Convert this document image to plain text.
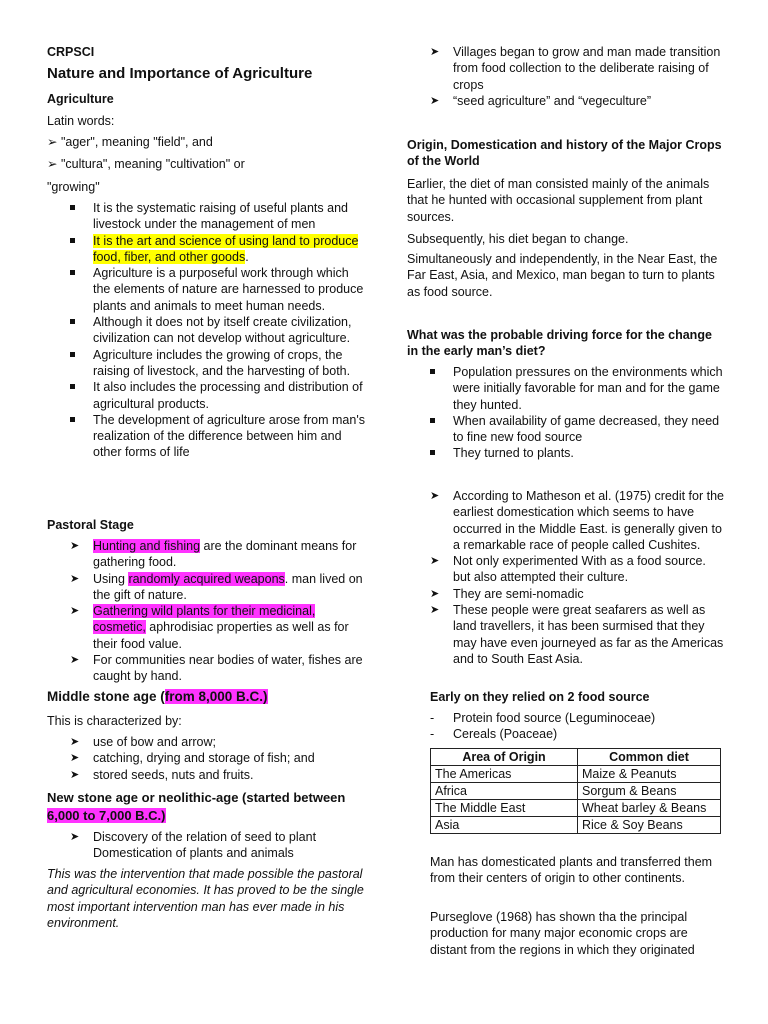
CRPSCI
Nature and Importance of Agriculture
Agriculture
Latin words:
➢ "ager", meaning "field", and
➢ "cultura", meaning "cultivation" or
"growing"
It is the systematic raising of useful plants and livestock under the management of men
It is the art and science of using land to produce food, fiber, and other goods.
Agriculture is a purposeful work through which the elements of nature are harnessed to produce plants and animals to meet human needs.
Although it does not by itself create civilization, civilization can not develop without agriculture.
Agriculture includes the growing of crops, the raising of livestock, and the harvesting of both.
It also includes the processing and distribution of agricultural products.
The development of agriculture arose from man's realization of the difference between him and other forms of life
Pastoral Stage
➤ Hunting and fishing are the dominant means for gathering food.
➤ Using randomly acquired weapons. man lived on the gift of nature.
➤ Gathering wild plants for their medicinal, cosmetic, aphrodisiac properties as well as for their food value.
➤ For communities near bodies of water, fishes are caught by hand.
Middle stone age (from 8,000 B.C.)
This is characterized by:
➤ use of bow and arrow;
➤ catching, drying and storage of fish; and
➤ stored seeds, nuts and fruits.
New stone age or neolithic-age (started between
6,000 to 7,000 B.C.)
➤ Discovery of the relation of seed to plant Domestication of plants and animals
This was the intervention that made possible the pastoral and agricultural economies. It has proved to be the single most important intervention man has ever made in his environment.
➤ Villages began to grow and man made transition from food collection to the deliberate raising of crops
➤ “seed agriculture” and “vegeculture”
Origin, Domestication and history of the Major Crops of the World
Earlier, the diet of man consisted mainly of the animals that he hunted with occasional supplement from plant sources.
Subsequently, his diet began to change.
Simultaneously and independently, in the Near East, the Far East, Asia, and Mexico, man began to turn to plants as food source.
What was the probable driving force for the change in the early man’s diet?
Population pressures on the environments which were initially favorable for man and for the game they hunted.
When availability of game decreased, they need to fine new food source
They turned to plants.
➤ According to Matheson et al. (1975) credit for the earliest domestication which seems to have occurred in the Middle East. is generally given to a remarkable race of people called Cushites.
➤ Not only experimented With as a food source. but also attempted their culture.
➤ They are semi-nomadic
➤ These people were great seafarers as well as land travellers, it has been surmised that they may have even journeyed as far as the Americas and to South East Asia.
Early on they relied on 2 food source
- Protein food source (Leguminoceae)
- Cereals (Poaceae)
Area of Origin	Common diet
The Americas	Maize & Peanuts
Africa	Sorgum & Beans
The Middle East	Wheat barley & Beans
Asia	Rice & Soy Beans
Man has domesticated plants and transferred them from their centers of origin to other continents.
Purseglove (1968) has shown tha the principal production for many major economic crops are distant from the regions in which they originated
